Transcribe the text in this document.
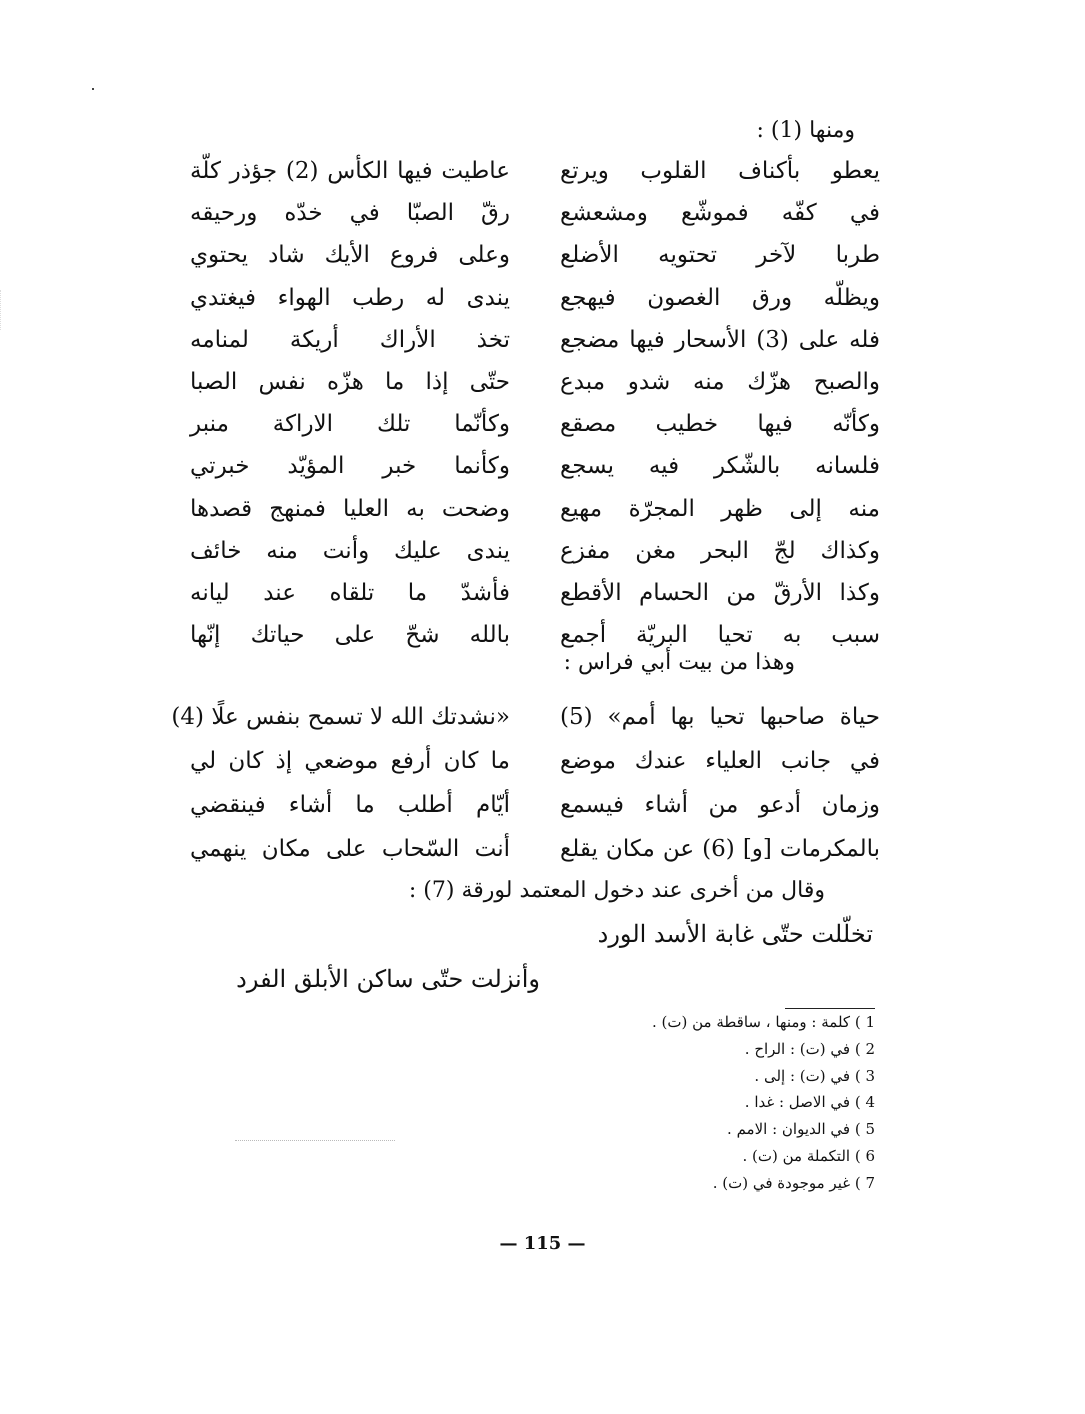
ومنها (1) :
عاطيت فيها الكأس (2) جؤذر كلّة يعطو بأكناف القلوب ويرتع
رقّ الصبّا في خدّه ورحيقه في كفّه فموشّع ومشعشع
وعلى فروع الأيك شاد يحتوي طربا لآخر تحتويه الأضلع
يندى له رطب الهواء فيغتدي ويظلّه ورق الغصون فيهجع
تخذ الأراك أريكة لمنامه فله على (3) الأسحار فيها مضجع
حتّى إذا ما هزّه نفس الصبا والصبح هزّك منه شدو مبدع
وكأنّما تلك الاراكة منبر وكأنّه فيها خطيب مصقع
وكأنما خبر المؤيّد خبرتي فلسانه بالشّكر فيه يسجع
وضحت به العليا فمنهج قصدها منه إلى ظهر المجرّة مهيع
يندى عليك وأنت منه خائف وكذاك لجّ البحر مغن مفزع
فأشدّ ما تلقاه عند ليانه وكذا الأرقّ من الحسام الأقطع
بالله شحّ على حياتك إنّها سبب به تحيا البريّة أجمع
وهذا من بيت أبي فراس :
«نشدتك الله لا تسمح بنفس علًا (4) حياة صاحبها تحيا بها أمم» (5)
ما كان أرفع موضعي إذ كان لي في جانب العلياء عندك موضع
أيّام أطلب ما أشاء فينقضي وزمان أدعو من أشاء فيسمع
أنت السّحاب على مكان ينهمي بالمكرمات [و] (6) عن مكان يقلع
وقال من أخرى عند دخول المعتمد لورقة (7) :
تخلّلت حتّى غابة الأسد الورد
وأنزلت حتّى ساكن الأبلق الفرد
1 ) كلمة : ومنها ، ساقطة من (ت) .
2 ) في (ت) : الراح .
3 ) في (ت) : إلى .
4 ) في الاصل : غدا .
5 ) في الديوان : الامم .
6 ) التكملة من (ت) .
7 ) غير موجودة في (ت) .
— 115 —
